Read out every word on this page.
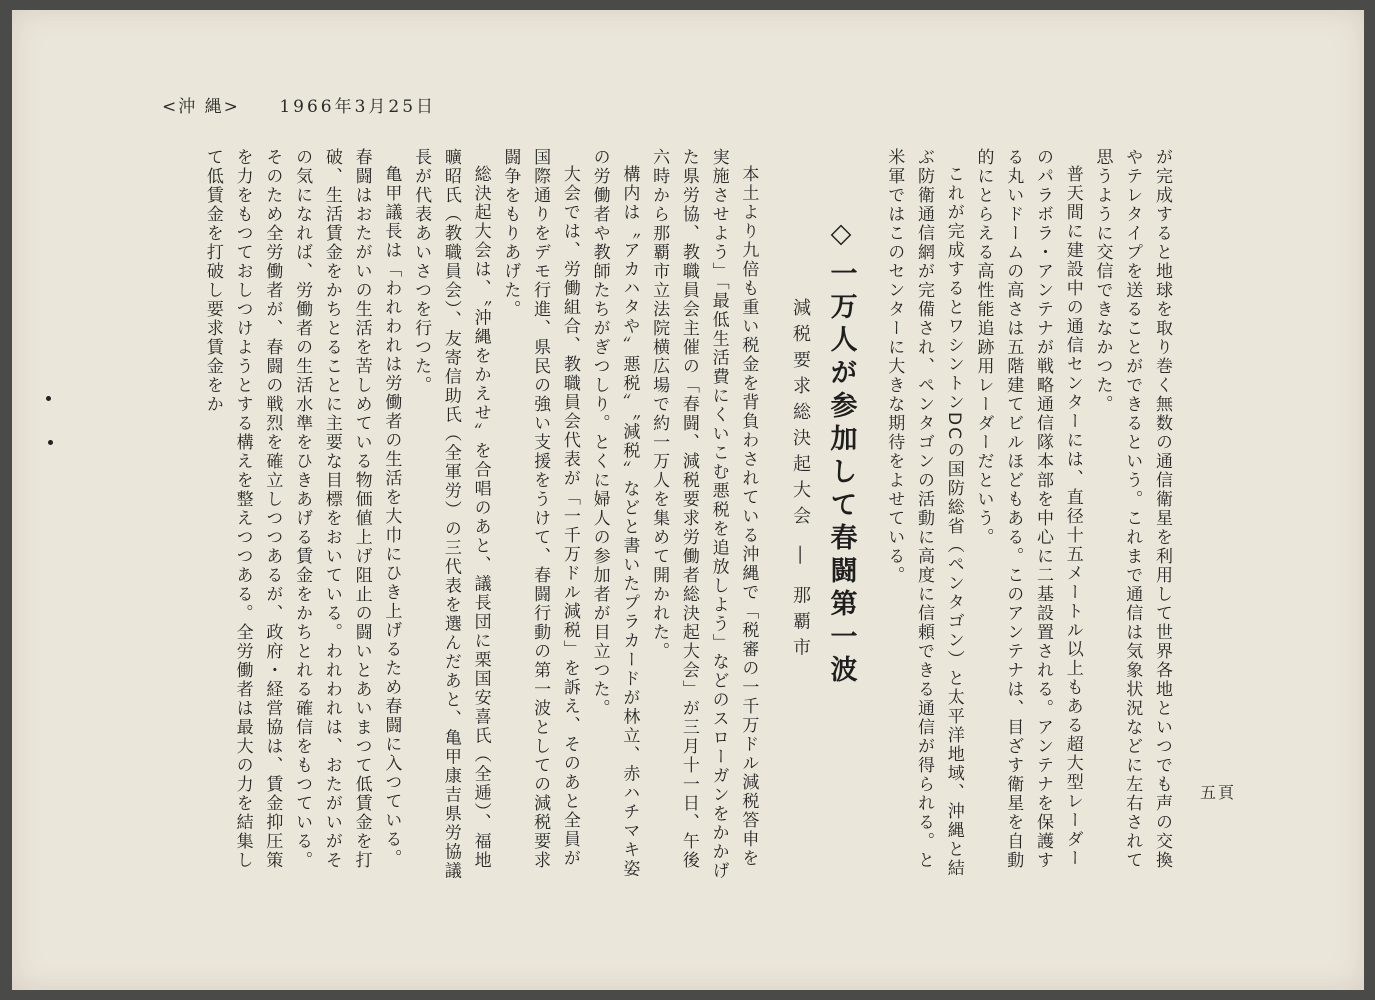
<沖 縄> 1966年3月25日
五頁

が完成すると地球を取り巻く無数の通信衛星を利用して世界各地といつでも声の交換やテレタイプを送ることができるという。これまで通信は気象状況などに左右されて思うように交信できなかつた。

普天間に建設中の通信センターには、直径十五メートル以上もある超大型レーダーのパラボラ・アンテナが戦略通信隊本部を中心に二基設置される。アンテナを保護する丸いドームの高さは五階建てビルほどもある。このアンテナは、目ざす衛星を自動的にとらえる高性能追跡用レーダーだという。

これが完成するとワシントンDCの国防総省（ペンタゴン）と太平洋地域、沖縄と結ぶ防衛通信網が完備され、ペンタゴンの活動に高度に信頼できる通信が得られる。と米軍ではこのセンターに大きな期待をよせている。

◇一万人が参加して春闘第一波

減税要求総決起大会 ― 那覇市

本土より九倍も重い税金を背負わされている沖縄で「税審の一千万ドル減税答申を実施させよう」「最低生活費にくいこむ悪税を追放しよう」などのスローガンをかかげた県労協、教職員会主催の「春闘、減税要求労働者総決起大会」が三月十一日、午後六時から那覇市立法院横広場で約一万人を集めて開かれた。

構内は〝アカハタや〟悪税〟〝減税〟などと書いたプラカードが林立、赤ハチマキ姿の労働者や教師たちがぎつしり。とくに婦人の参加者が目立つた。

大会では、労働組合、教職員会代表が「一千万ドル減税」を訴え、そのあと全員が国際通りをデモ行進、県民の強い支援をうけて、春闘行動の第一波としての減税要求闘争をもりあげた。

総決起大会は、〝沖縄をかえせ〟を合唱のあと、議長団に栗国安喜氏（全逓）、福地曠昭氏（教職員会）、友寄信助氏（全軍労）の三代表を選んだあと、亀甲康吉県労協議長が代表あいさつを行つた。

亀甲議長は「われわれは労働者の生活を大巾にひき上げるため春闘に入つている。春闘はおたがいの生活を苦しめている物価値上げ阻止の闘いとあいまつて低賃金を打破、生活賃金をかちとることに主要な目標をおいている。われわれは、おたがいがその気になれば、労働者の生活水準をひきあげる賃金をかちとれる確信をもつている。そのため全労働者が、春闘の戦烈を確立しつつあるが、政府・経営協は、賃金抑圧策を力をもつておしつけようとする構えを整えつつある。全労働者は最大の力を結集して低賃金を打破し要求賃金をか
